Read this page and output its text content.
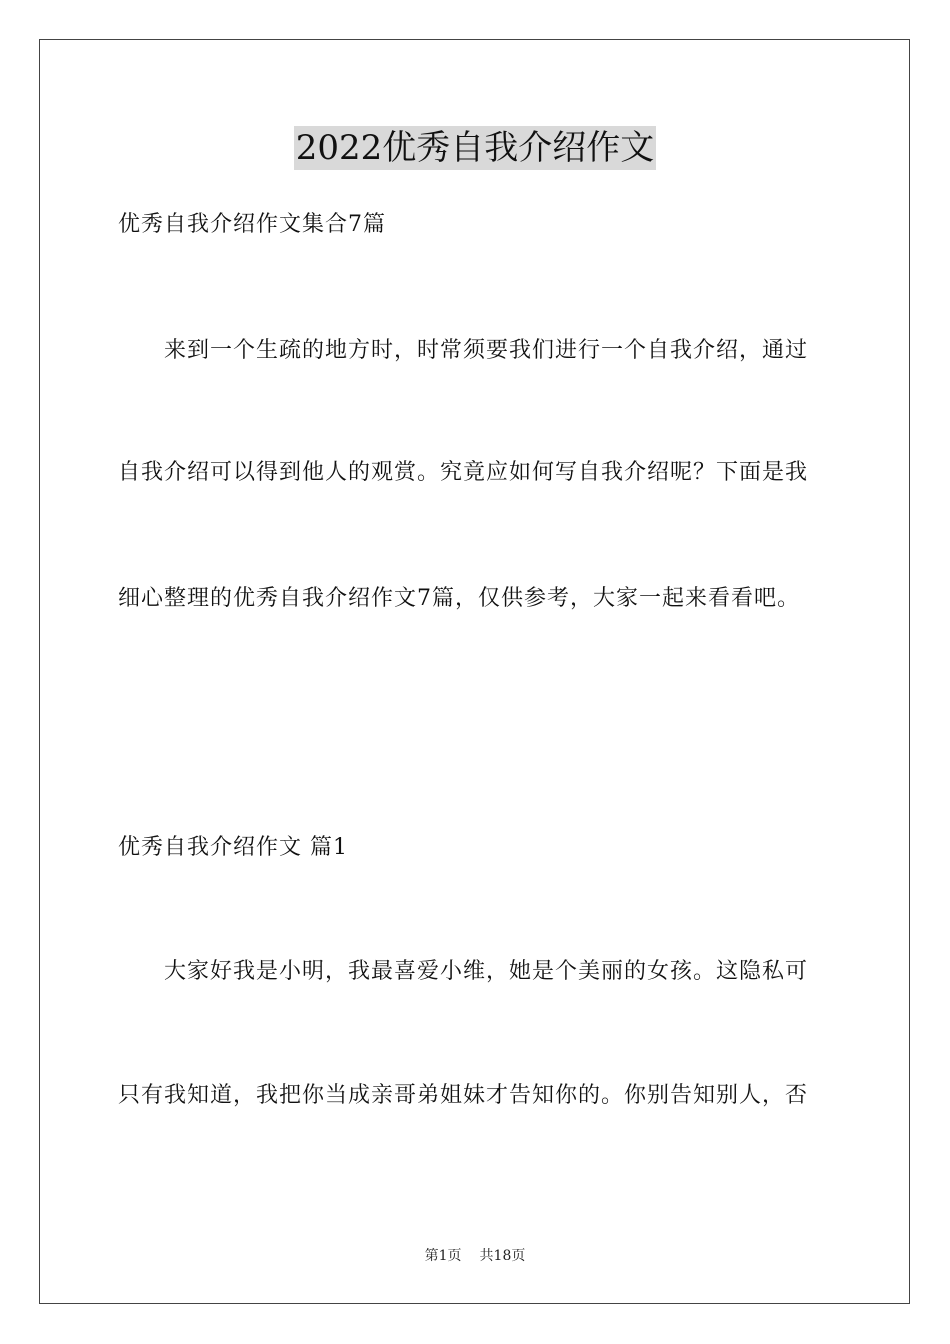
2022优秀自我介绍作文
优秀自我介绍作文集合7篇
来到一个生疏的地方时，时常须要我们进行一个自我介绍，通过
自我介绍可以得到他人的观赏。究竟应如何写自我介绍呢？下面是我
细心整理的优秀自我介绍作文7篇，仅供参考，大家一起来看看吧。
优秀自我介绍作文 篇1
大家好我是小明，我最喜爱小维，她是个美丽的女孩。这隐私可
只有我知道，我把你当成亲哥弟姐妹才告知你的。你别告知别人，否
第1页 共18页
